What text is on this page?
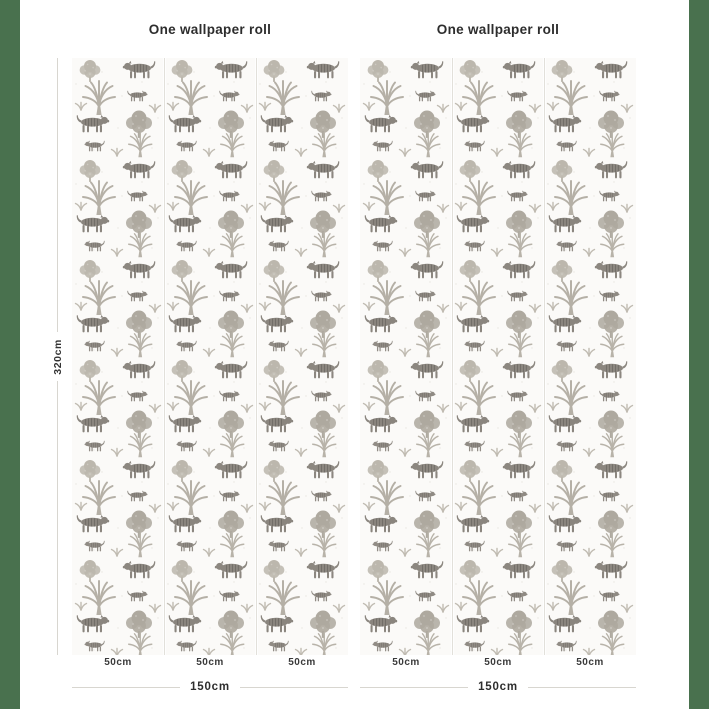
One wallpaper roll	One wallpaper roll
320cm
50cm	50cm	50cm	50cm	50cm	50cm
150cm	150cm
